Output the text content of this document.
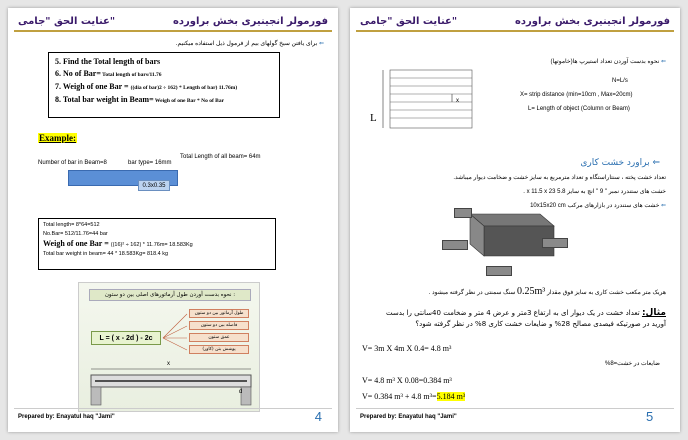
عنایت الحق "جامی"	فورمولر انجینیری بخش براورده
⇐ برای یافتن سیخ گولهای بیم از فرمول ذیل استفاده میکنیم.
5. Find the Total length of bars
6. No of Bar= Total length of bars/11.76
7. Weigh of one Bar = ((dia of bar)2 ÷ 162) * Length of bar) 11.76m)
8. Total bar weight in Beam= Weigh of one Bar * No of Bar
Example:
Number of bar in Beam=8	bar type= 16mm
Total Length of all beam= 64m
0.3x0.35
Total length= 8*64=512
No.Bar= 512/11.76=44 bar
Weigh of one Bar = ((16)² ÷ 162) * 11.76m= 18.583Kg
Total bar weight in beam= 44 * 18.583Kg= 818.4 kg
نحوه بدست آوردن طول آرماتورهای اصلی بین دو ستون :
L = ( x - 2d ) - 2c
طول آرماتور بین دو ستون
فاصله بین دو ستون
عمق ستون
پوشش بتن (کاور)
x
d
Prepared by: Enayatul haq "Jami"	4
عنایت الحق "جامی"	فورمولر انجینیری بخش براورده
L
x
⇐ نحوه بدست آوردن تعداد استیرپ ها(خاموتها)
N=L/s
X= strip distance (min=10cm , Max=20cm)
L= Length of object (Column or Beam)
⇐ براورد خشت کاری
تعداد خشت پخته ، سنتاراستگاه و تعداد مترمربع به سایز خشت و ضخامت دیوار میباشد.
خشت های ستندرد نمبر " 9 " انچ به سایز 5.8 x 11.5 x 23 .
⇐ خشت های ستندرد در بازارهای مرکب 10x15x20 cm
هریک متر مکعب خشت کاری به سایز فوق مقدار 0.25m³ سنگ سمنتی در نظر گرفته میشود .
مثال: تعداد خشت در یک دیوار ای به ارتفاع 3متر و عرض 4 متر و ضخامت 40سانتی را بدست آورید در صورتیکه فیصدی مصالح 28% و ضایعات خشت کاری 8% در نظر گرفته شود؟
V= 3m X 4m X 0.4= 4.8 m³
ضایعات در خشت=8%
V= 4.8 m³ X 0.08=0.384 m³
V= 0.384 m³ + 4.8 m³=5.184 m³
Prepared by: Enayatul haq "Jami"	5
